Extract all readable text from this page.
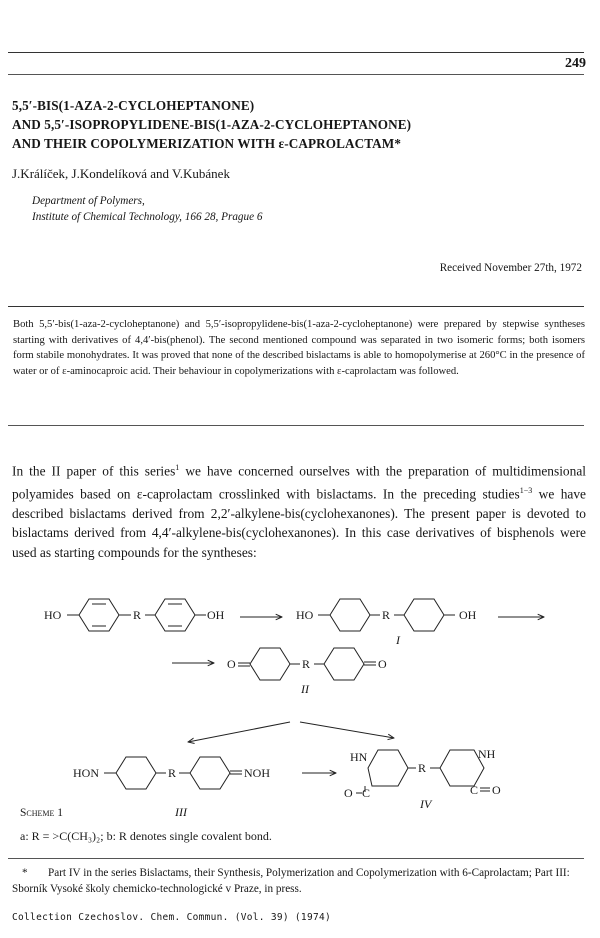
249
5,5′-BIS(1-AZA-2-CYCLOHEPTANONE)
AND 5,5′-ISOPROPYLIDENE-BIS(1-AZA-2-CYCLOHEPTANONE)
AND THEIR COPOLYMERIZATION WITH ε-CAPROLACTAM*
J.Králíček, J.Kondelíková and V.Kubánek
Department of Polymers,
Institute of Chemical Technology, 166 28, Prague 6
Received November 27th, 1972
Both 5,5′-bis(1-aza-2-cycloheptanone) and 5,5′-isopropylidene-bis(1-aza-2-cycloheptanone) were prepared by stepwise syntheses starting with derivatives of 4,4′-bis(phenol). The second mentioned compound was separated in two isomeric forms; both isomers form stabile monohydrates. It was proved that none of the described bislactams is able to homopolymerise at 260°C in the presence of water or of ε-aminocaproic acid. Their behaviour in copolymerizations with ε-caprolactam was followed.
In the II paper of this series$^1$ we have concerned ourselves with the preparation of multidimensional polyamides based on ε-caprolactam crosslinked with bislactams. In the preceding studies$^{1-3}$ we have described bislactams derived from 2,2′-alkylene-bis(cyclohexanones). The present paper is devoted to bislactams derived from 4,4′-alkylene-bis(cyclohexanones). In this case derivatives of bisphenols were used as starting compounds for the syntheses:
HO	R	OH	HO	R	OH
I
O	R	O
II
HON	R	NOH
HN
O C
R
NH
C O
Scheme 1	III
IV
a: R = >C(CH₃)₂; b: R denotes single covalent bond.
* Part IV in the series Bislactams, their Synthesis, Polymerization and Copolymerization with 6-Caprolactam; Part III: Sborník Vysoké školy chemicko-technologické v Praze, in press.
Collection Czechoslov. Chem. Commun. (Vol. 39) (1974)
